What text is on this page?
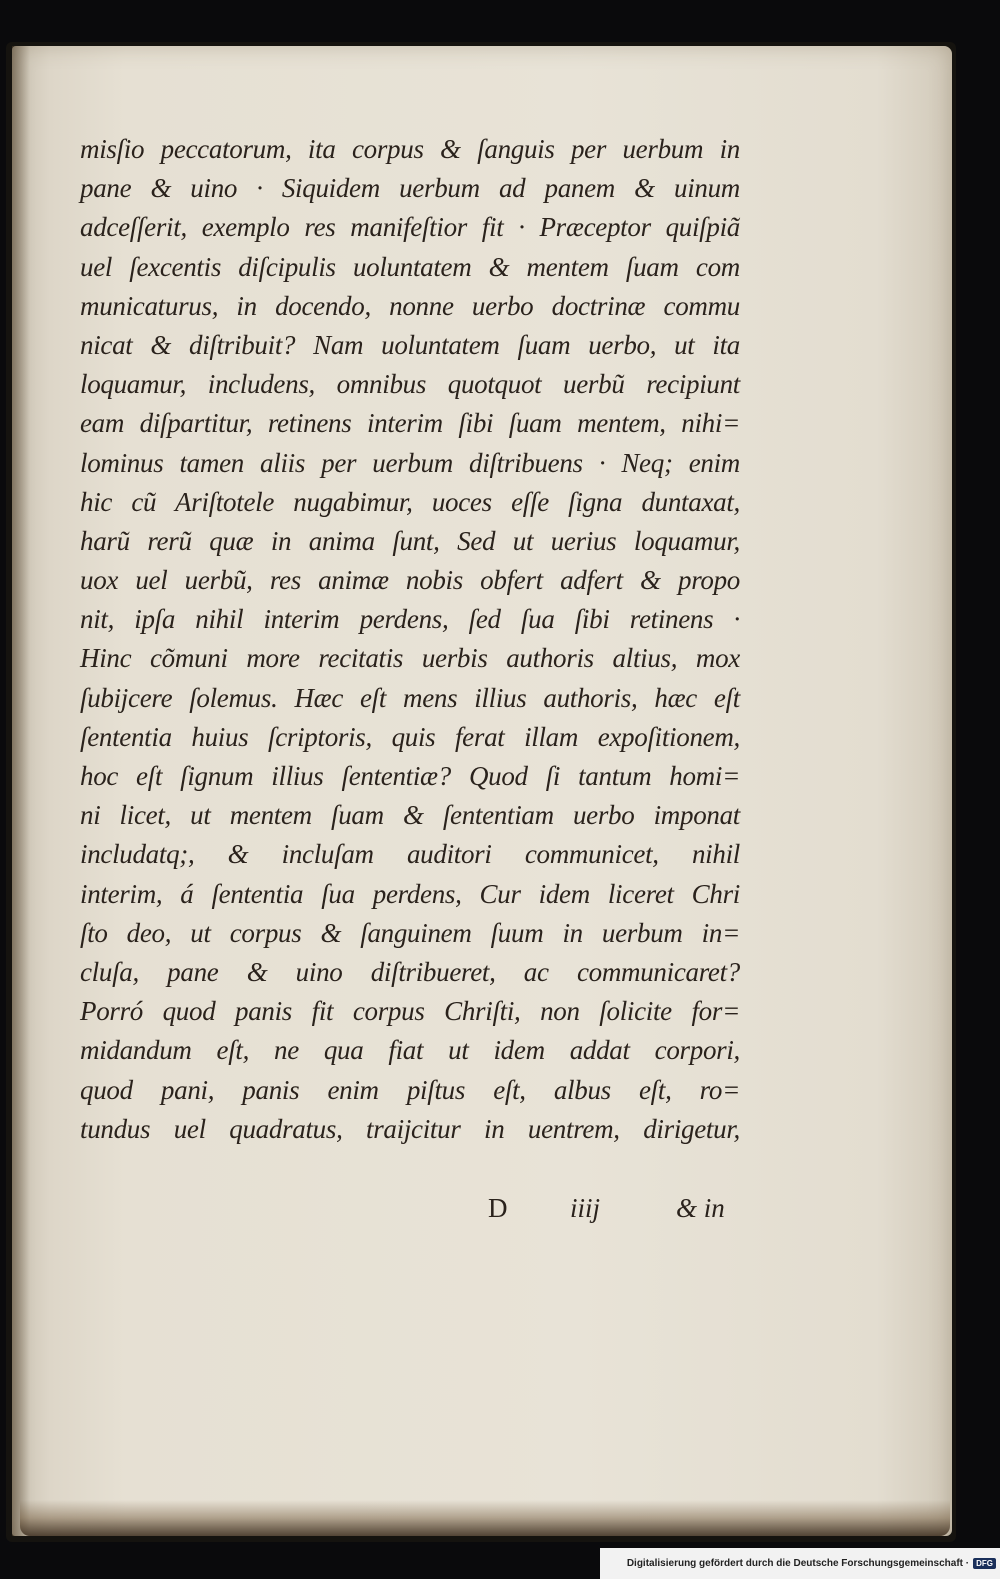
misſio peccatorum, ita corpus & ſanguis per uerbum in
pane & uino · Siquidem uerbum ad panem & uinum
adceſſerit, exemplo res manifeſtior fit · Præceptor quiſpiã
uel ſexcentis diſcipulis uoluntatem & mentem ſuam com
municaturus, in docendo, nonne uerbo doctrinæ commu
nicat & diſtribuit? Nam uoluntatem ſuam uerbo, ut ita
loquamur, includens, omnibus quotquot uerbũ recipiunt
eam diſpartitur, retinens interim ſibi ſuam mentem, nihi=
lominus tamen aliis per uerbum diſtribuens · Neq; enim
hic cũ Ariſtotele nugabimur, uoces eſſe ſigna duntaxat,
harũ rerũ quæ in anima ſunt, Sed ut uerius loquamur,
uox uel uerbũ, res animæ nobis obfert adfert & propo
nit, ipſa nihil interim perdens, ſed ſua ſibi retinens ·
Hinc cõmuni more recitatis uerbis authoris altius, mox
ſubijcere ſolemus. Hæc eſt mens illius authoris, hæc eſt
ſententia huius ſcriptoris, quis ferat illam expoſitionem,
hoc eſt ſignum illius ſententiæ? Quod ſi tantum homi=
ni licet, ut mentem ſuam & ſententiam uerbo imponat
includatq;, & incluſam auditori communicet, nihil
interim, á ſententia ſua perdens, Cur idem liceret Chri
ſto deo, ut corpus & ſanguinem ſuum in uerbum in=
cluſa, pane & uino diſtribueret, ac communicaret?
Porró quod panis fit corpus Chriſti, non ſolicite for=
midandum eſt, ne qua fiat ut idem addat corpori,
quod pani, panis enim piſtus eſt, albus eſt, ro=
tundus uel quadratus, traijcitur in uentrem, dirigetur,
D iiij	& in
Digitalisierung gefördert durch die Deutsche Forschungsgemeinschaft · DFG
